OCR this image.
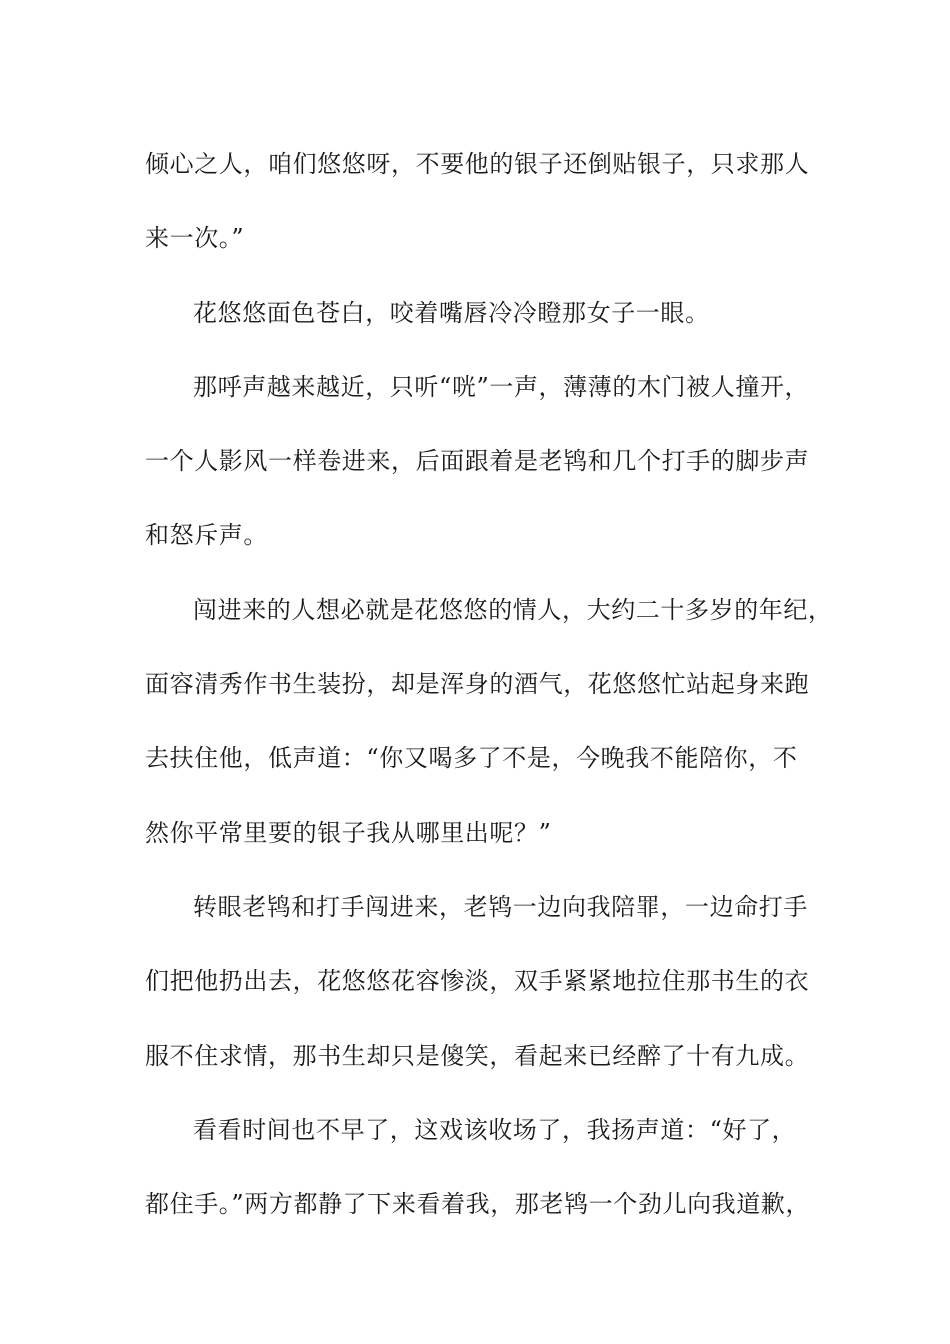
倾心之人，咱们悠悠呀，不要他的银子还倒贴银子，只求那人
来一次。”
花悠悠面色苍白，咬着嘴唇冷冷瞪那女子一眼。
那呼声越来越近，只听“咣”一声，薄薄的木门被人撞开，
一个人影风一样卷进来，后面跟着是老鸨和几个打手的脚步声
和怒斥声。
闯进来的人想必就是花悠悠的情人，大约二十多岁的年纪，
面容清秀作书生装扮，却是浑身的酒气，花悠悠忙站起身来跑
去扶住他，低声道：“你又喝多了不是，今晚我不能陪你，不
然你平常里要的银子我从哪里出呢？”
转眼老鸨和打手闯进来，老鸨一边向我陪罪，一边命打手
们把他扔出去，花悠悠花容惨淡，双手紧紧地拉住那书生的衣
服不住求情，那书生却只是傻笑，看起来已经醉了十有九成。
看看时间也不早了，这戏该收场了，我扬声道：“好了，
都住手。”两方都静了下来看着我，那老鸨一个劲儿向我道歉，
